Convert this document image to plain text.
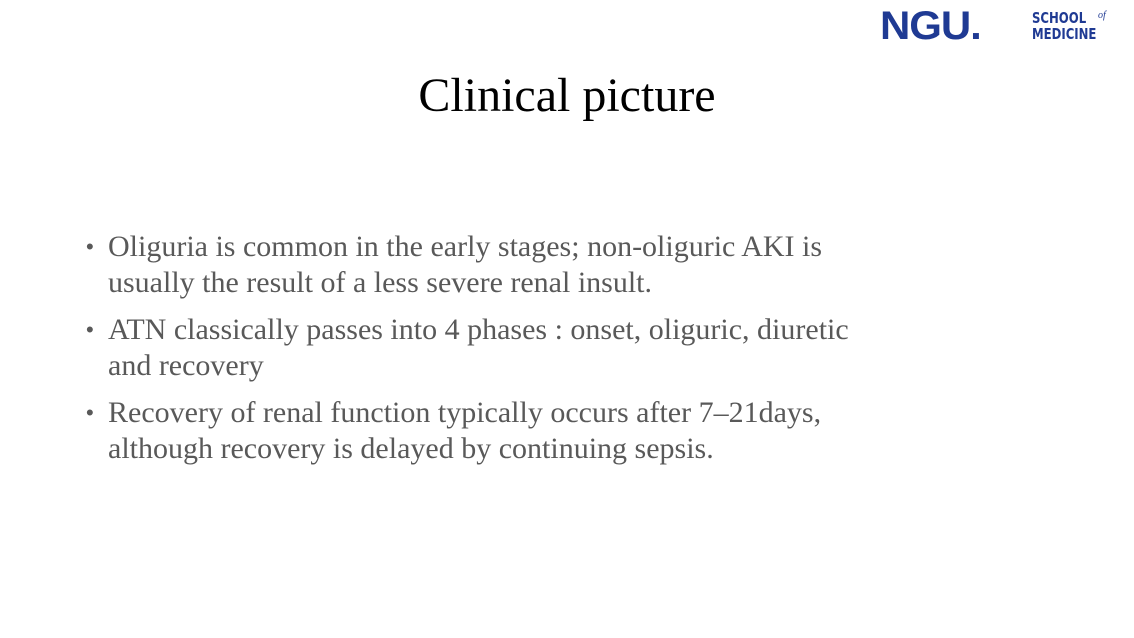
NGU.	SCHOOL of
MEDICINE
Clinical picture
• Oliguria is common in the early stages; non-oliguric AKI is
usually the result of a less severe renal insult.
• ATN classically passes into 4 phases : onset, oliguric, diuretic
and recovery
• Recovery of renal function typically occurs after 7–21days,
although recovery is delayed by continuing sepsis.
